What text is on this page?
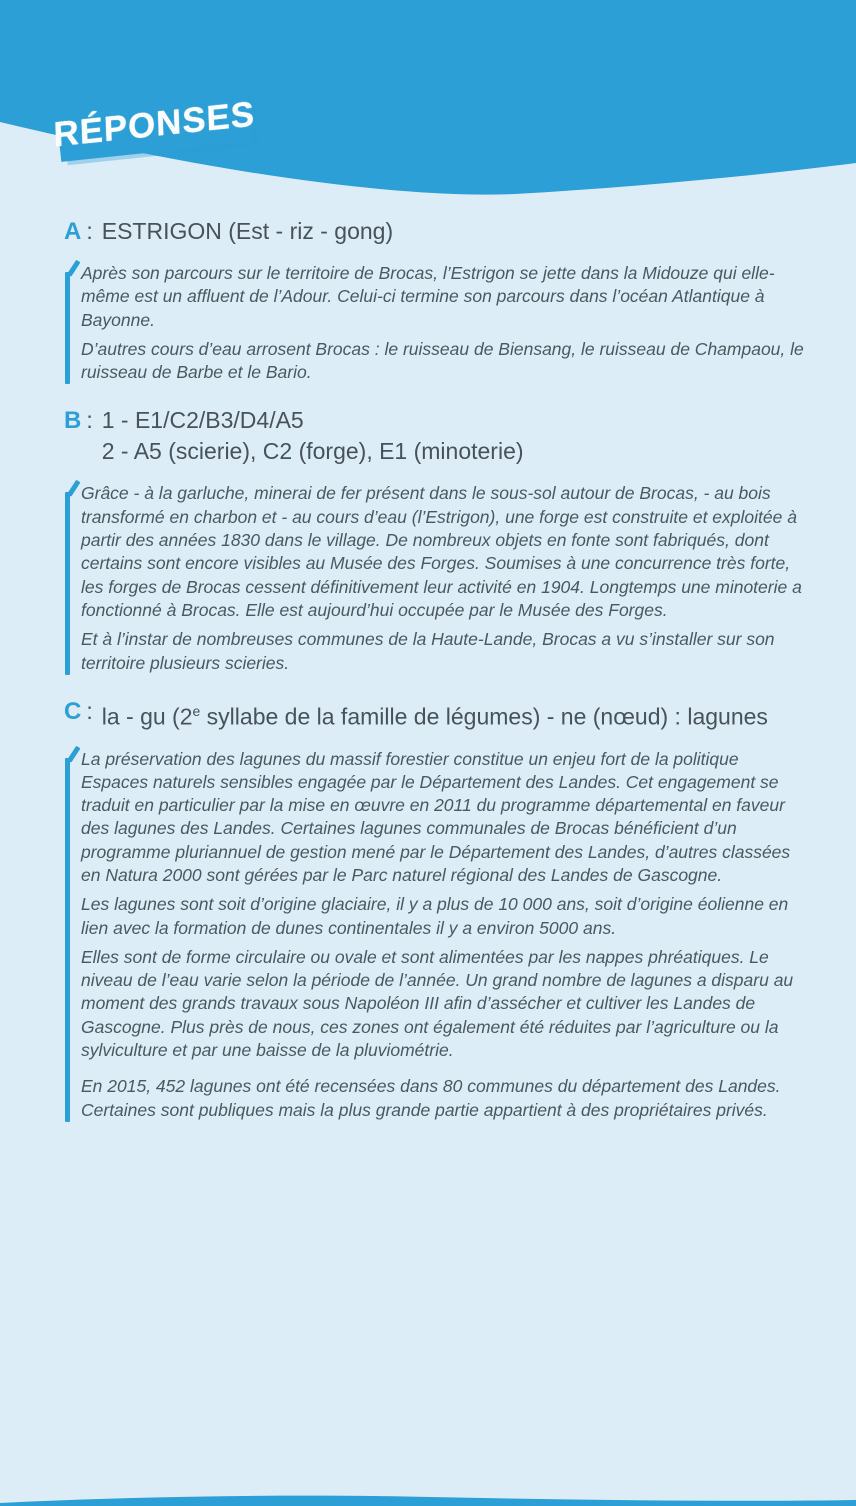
RÉPONSES
A : ESTRIGON (Est - riz - gong)

Après son parcours sur le territoire de Brocas, l’Estrigon se jette dans la Midouze qui elle-même est un affluent de l’Adour. Celui-ci termine son parcours dans l’océan Atlantique à Bayonne.

D’autres cours d’eau arrosent Brocas : le ruisseau de Biensang, le ruisseau de Champaou, le ruisseau de Barbe et le Bario.

B : 1 - E1/C2/B3/D4/A5
2 - A5 (scierie), C2 (forge), E1 (minoterie)

Grâce - à la garluche, minerai de fer présent dans le sous-sol autour de Brocas, - au bois transformé en charbon et - au cours d’eau (l’Estrigon), une forge est construite et exploitée à partir des années 1830 dans le village. De nombreux objets en fonte sont fabriqués, dont certains sont encore visibles au Musée des Forges. Soumises à une concurrence très forte, les forges de Brocas cessent définitivement leur activité en 1904. Longtemps une minoterie a fonctionné à Brocas. Elle est aujourd’hui occupée par le Musée des Forges.

Et à l’instar de nombreuses communes de la Haute-Lande, Brocas a vu s’installer sur son territoire plusieurs scieries.

C : la - gu (2e syllabe de la famille de légumes) - ne (nœud) : lagunes

La préservation des lagunes du massif forestier constitue un enjeu fort de la politique Espaces naturels sensibles engagée par le Département des Landes. Cet engagement se traduit en particulier par la mise en œuvre en 2011 du programme départemental en faveur des lagunes des Landes. Certaines lagunes communales de Brocas bénéficient d’un programme pluriannuel de gestion mené par le Département des Landes, d’autres classées en Natura 2000 sont gérées par le Parc naturel régional des Landes de Gascogne.

Les lagunes sont soit d’origine glaciaire, il y a plus de 10 000 ans, soit d’origine éolienne en lien avec la formation de dunes continentales il y a environ 5000 ans.

Elles sont de forme circulaire ou ovale et sont alimentées par les nappes phréatiques. Le niveau de l’eau varie selon la période de l’année. Un grand nombre de lagunes a disparu au moment des grands travaux sous Napoléon III afin d’assécher et cultiver les Landes de Gascogne. Plus près de nous, ces zones ont également été réduites par l’agriculture ou la sylviculture et par une baisse de la pluviométrie.

En 2015, 452 lagunes ont été recensées dans 80 communes du département des Landes. Certaines sont publiques mais la plus grande partie appartient à des propriétaires privés.
